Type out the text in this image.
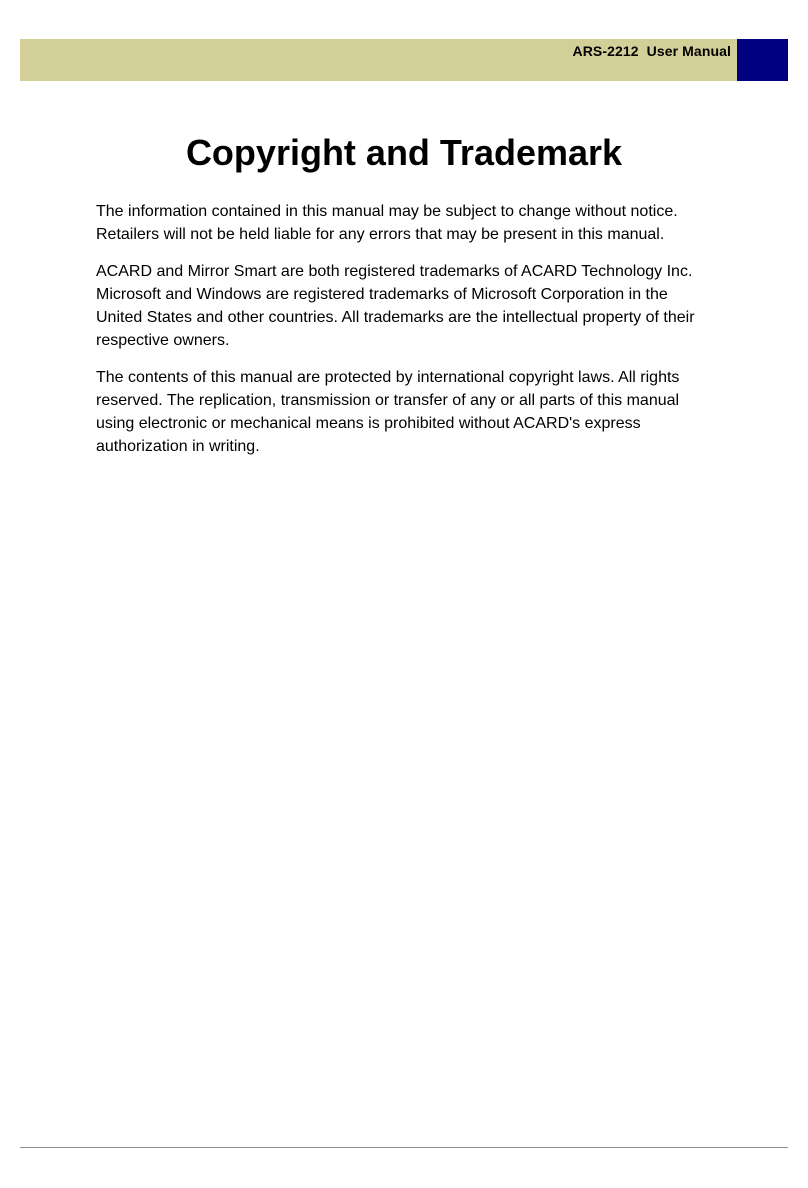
ARS-2212  User Manual
Copyright and Trademark

The information contained in this manual may be subject to change without notice. Retailers will not be held liable for any errors that may be present in this manual.

ACARD and Mirror Smart are both registered trademarks of ACARD Technology Inc. Microsoft and Windows are registered trademarks of Microsoft Corporation in the United States and other countries. All trademarks are the intellectual property of their respective owners.

The contents of this manual are protected by international copyright laws. All rights reserved. The replication, transmission or transfer of any or all parts of this manual using electronic or mechanical means is prohibited without ACARD's express authorization in writing.
